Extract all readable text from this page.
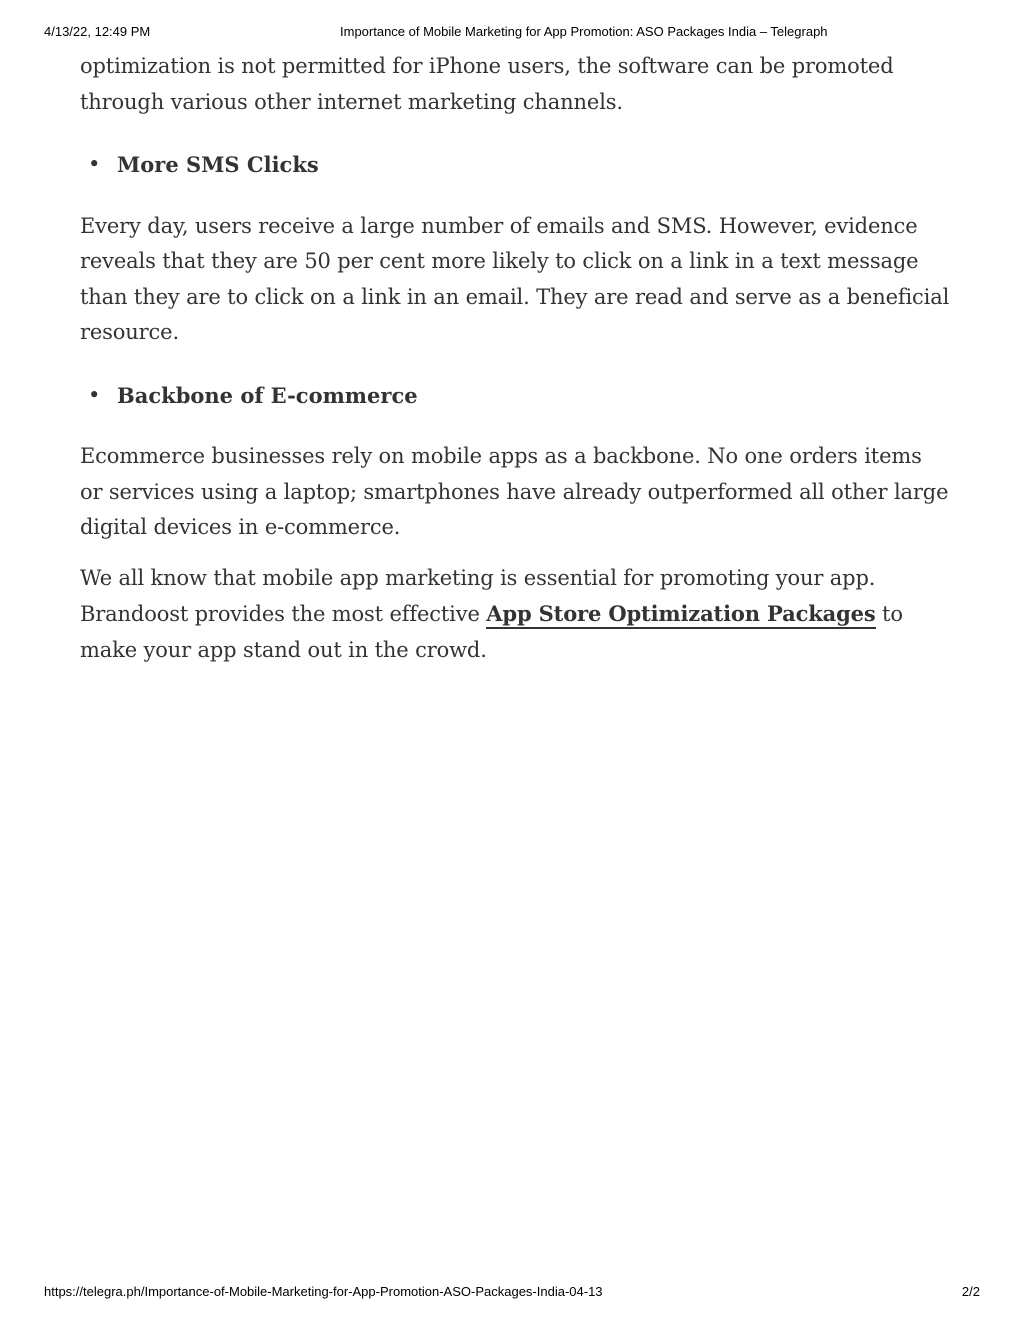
4/13/22, 12:49 PM	Importance of Mobile Marketing for App Promotion: ASO Packages India – Telegraph

optimization is not permitted for iPhone users, the software can be promoted through various other internet marketing channels.

• More SMS Clicks

Every day, users receive a large number of emails and SMS. However, evidence reveals that they are 50 per cent more likely to click on a link in a text message than they are to click on a link in an email. They are read and serve as a beneficial resource.

• Backbone of E-commerce

Ecommerce businesses rely on mobile apps as a backbone. No one orders items or services using a laptop; smartphones have already outperformed all other large digital devices in e-commerce.

We all know that mobile app marketing is essential for promoting your app. Brandoost provides the most effective App Store Optimization Packages to make your app stand out in the crowd.

https://telegra.ph/Importance-of-Mobile-Marketing-for-App-Promotion-ASO-Packages-India-04-13	2/2
